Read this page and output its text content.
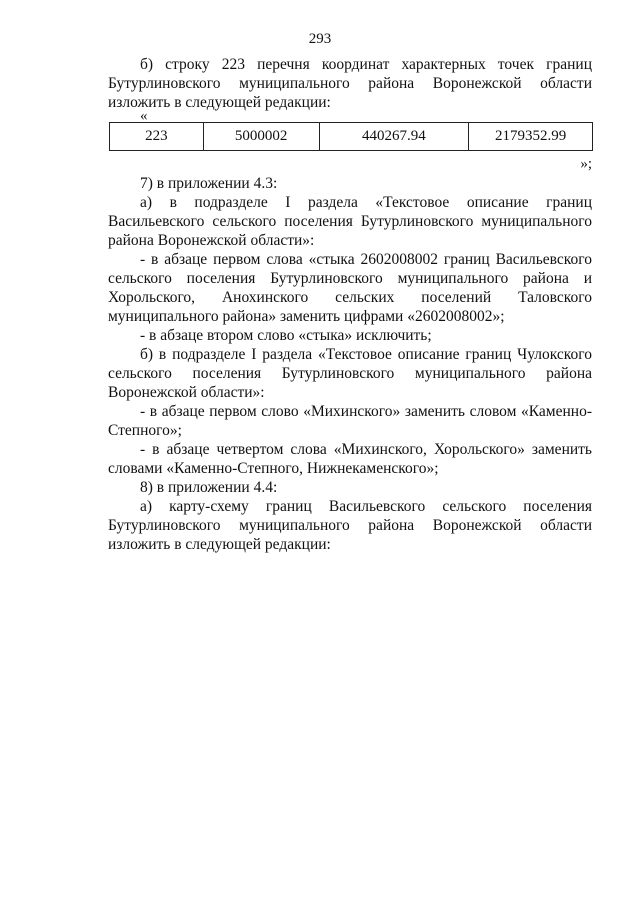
293

б) строку 223 перечня координат характерных точек границ Бутурлиновского муниципального района Воронежской области изложить в следующей редакции:

«
223	5000002	440267.94	2179352.99
»;

7) в приложении 4.3:

а) в подразделе I раздела «Текстовое описание границ Васильевского сельского поселения Бутурлиновского муниципального района Воронежской области»:

- в абзаце первом слова «стыка 2602008002 границ Васильевского сельского поселения Бутурлиновского муниципального района и Хорольского, Анохинского сельских поселений Таловского муниципального района» заменить цифрами «2602008002»;

- в абзаце втором слово «стыка» исключить;

б) в подразделе I раздела «Текстовое описание границ Чулокского сельского поселения Бутурлиновского муниципального района Воронежской области»:

- в абзаце первом слово «Михинского» заменить словом «Каменно-Степного»;

- в абзаце четвертом слова «Михинского, Хорольского» заменить словами «Каменно-Степного, Нижнекаменского»;

8) в приложении 4.4:

а) карту-схему границ Васильевского сельского поселения Бутурлиновского муниципального района Воронежской области изложить в следующей редакции:
